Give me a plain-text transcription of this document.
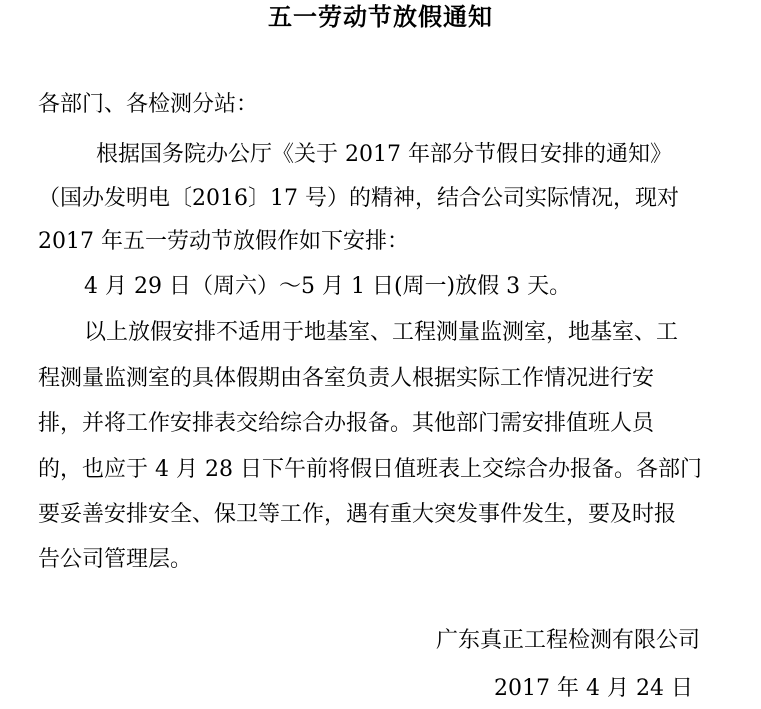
五一劳动节放假通知
各部门、各检测分站：
根据国务院办公厅《关于 2017 年部分节假日安排的通知》
（国办发明电〔2016〕17 号）的精神，结合公司实际情况，现对
2017 年五一劳动节放假作如下安排：
4 月 29 日（周六）～5 月 1 日(周一)放假 3 天。
以上放假安排不适用于地基室、工程测量监测室，地基室、工
程测量监测室的具体假期由各室负责人根据实际工作情况进行安
排，并将工作安排表交给综合办报备。其他部门需安排值班人员
的，也应于 4 月 28 日下午前将假日值班表上交综合办报备。各部门
要妥善安排安全、保卫等工作，遇有重大突发事件发生，要及时报
告公司管理层。
广东真正工程检测有限公司
2017 年 4 月 24 日
